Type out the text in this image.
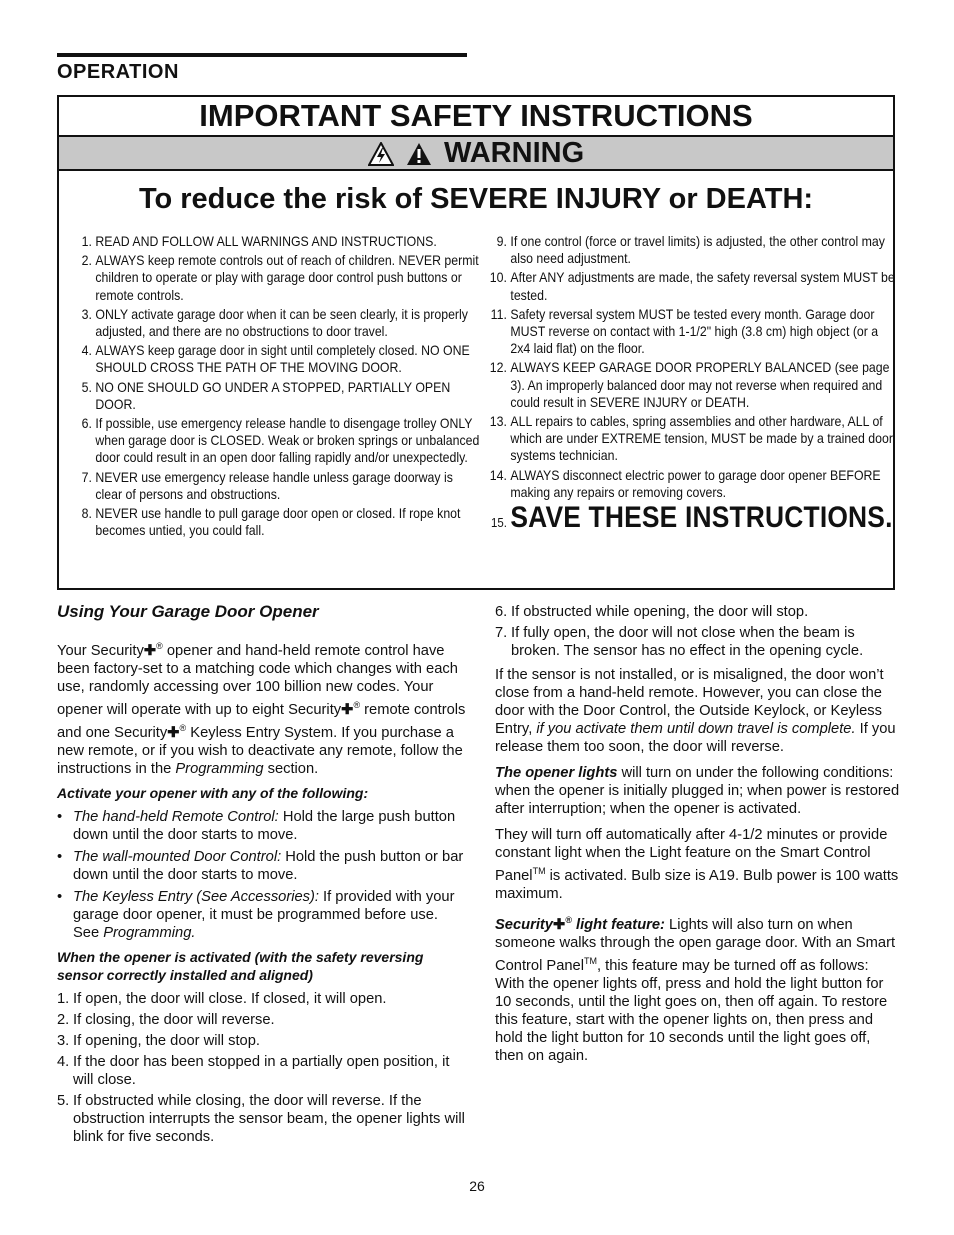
OPERATION
IMPORTANT SAFETY INSTRUCTIONS
WARNING
To reduce the risk of SEVERE INJURY or DEATH:
1. READ AND FOLLOW ALL WARNINGS AND INSTRUCTIONS.
2. ALWAYS keep remote controls out of reach of children. NEVER permit children to operate or play with garage door control push buttons or remote controls.
3. ONLY activate garage door when it can be seen clearly, it is properly adjusted, and there are no obstructions to door travel.
4. ALWAYS keep garage door in sight until completely closed. NO ONE SHOULD CROSS THE PATH OF THE MOVING DOOR.
5. NO ONE SHOULD GO UNDER A STOPPED, PARTIALLY OPEN DOOR.
6. If possible, use emergency release handle to disengage trolley ONLY when garage door is CLOSED. Weak or broken springs or unbalanced door could result in an open door falling rapidly and/or unexpectedly.
7. NEVER use emergency release handle unless garage doorway is clear of persons and obstructions.
8. NEVER use handle to pull garage door open or closed. If rope knot becomes untied, you could fall.
9. If one control (force or travel limits) is adjusted, the other control may also need adjustment.
10. After ANY adjustments are made, the safety reversal system MUST be tested.
11. Safety reversal system MUST be tested every month. Garage door MUST reverse on contact with 1-1/2" high (3.8 cm) high object (or a 2x4 laid flat) on the floor.
12. ALWAYS KEEP GARAGE DOOR PROPERLY BALANCED (see page 3). An improperly balanced door may not reverse when required and could result in SEVERE INJURY or DEATH.
13. ALL repairs to cables, spring assemblies and other hardware, ALL of which are under EXTREME tension, MUST be made by a trained door systems technician.
14. ALWAYS disconnect electric power to garage door opener BEFORE making any repairs or removing covers.
15. SAVE THESE INSTRUCTIONS.
Using Your Garage Door Opener

Your Security✚® opener and hand-held remote control have been factory-set to a matching code which changes with each use, randomly accessing over 100 billion new codes. Your opener will operate with up to eight Security✚® remote controls and one Security✚® Keyless Entry System. If you purchase a new remote, or if you wish to deactivate any remote, follow the instructions in the Programming section.

Activate your opener with any of the following:

• The hand-held Remote Control: Hold the large push button down until the door starts to move.
• The wall-mounted Door Control: Hold the push button or bar down until the door starts to move.
• The Keyless Entry (See Accessories): If provided with your garage door opener, it must be programmed before use. See Programming.

When the opener is activated (with the safety reversing sensor correctly installed and aligned)

1. If open, the door will close. If closed, it will open.
2. If closing, the door will reverse.
3. If opening, the door will stop.
4. If the door has been stopped in a partially open position, it will close.
5. If obstructed while closing, the door will reverse. If the obstruction interrupts the sensor beam, the opener lights will blink for five seconds.
6. If obstructed while opening, the door will stop.
7. If fully open, the door will not close when the beam is broken. The sensor has no effect in the opening cycle.

If the sensor is not installed, or is misaligned, the door won’t close from a hand-held remote. However, you can close the door with the Door Control, the Outside Keylock, or Keyless Entry, if you activate them until down travel is complete. If you release them too soon, the door will reverse.

The opener lights will turn on under the following conditions: when the opener is initially plugged in; when power is restored after interruption; when the opener is activated.

They will turn off automatically after 4-1/2 minutes or provide constant light when the Light feature on the Smart Control Panel™ is activated. Bulb size is A19. Bulb power is 100 watts maximum.

Security✚® light feature: Lights will also turn on when someone walks through the open garage door. With an Smart Control Panel™, this feature may be turned off as follows: With the opener lights off, press and hold the light button for 10 seconds, until the light goes on, then off again. To restore this feature, start with the opener lights on, then press and hold the light button for 10 seconds until the light goes off, then on again.

26
